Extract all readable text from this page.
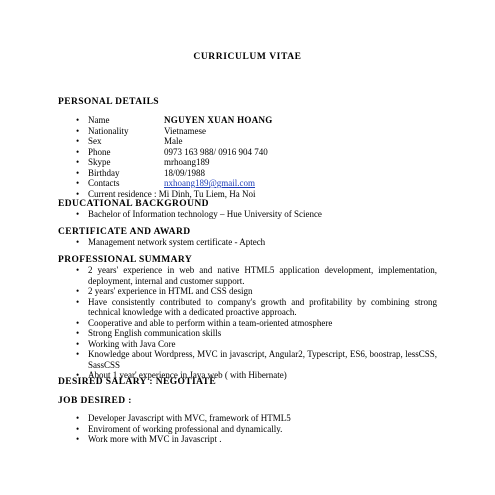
CURRICULUM VITAE
PERSONAL DETAILS
• Name	NGUYEN XUAN HOANG
• Nationality	Vietnamese
• Sex	Male
• Phone	0973 163 988/ 0916 904 740
• Skype	mrhoang189
• Birthday	18/09/1988
• Contacts	nxhoang189@gmail.com
• Current residence : Mi Dinh, Tu Liem, Ha Noi
EDUCATIONAL BACKGROUND
• Bachelor of Information technology – Hue University of Science
CERTIFICATE AND AWARD
• Management network system certificate - Aptech
PROFESSIONAL SUMMARY
• 2 years' experience in web and native HTML5 application development, implementation, deployment, internal and customer support.
• 2 years' experience in HTML and CSS design
• Have consistently contributed to company's growth and profitability by combining strong technical knowledge with a dedicated proactive approach.
• Cooperative and able to perform within a team-oriented atmosphere
• Strong English communication skills
• Working with Java Core
• Knowledge about Wordpress, MVC in javascript, Angular2, Typescript, ES6, boostrap, lessCSS, SassCSS
• About 1 year' experience in Java web ( with Hibernate)
DESIRED SALARY : NEGOTIATE
JOB DESIRED :
• Developer Javascript with MVC, framework of HTML5
• Enviroment of working professional and dynamically.
• Work more with MVC in Javascript .
